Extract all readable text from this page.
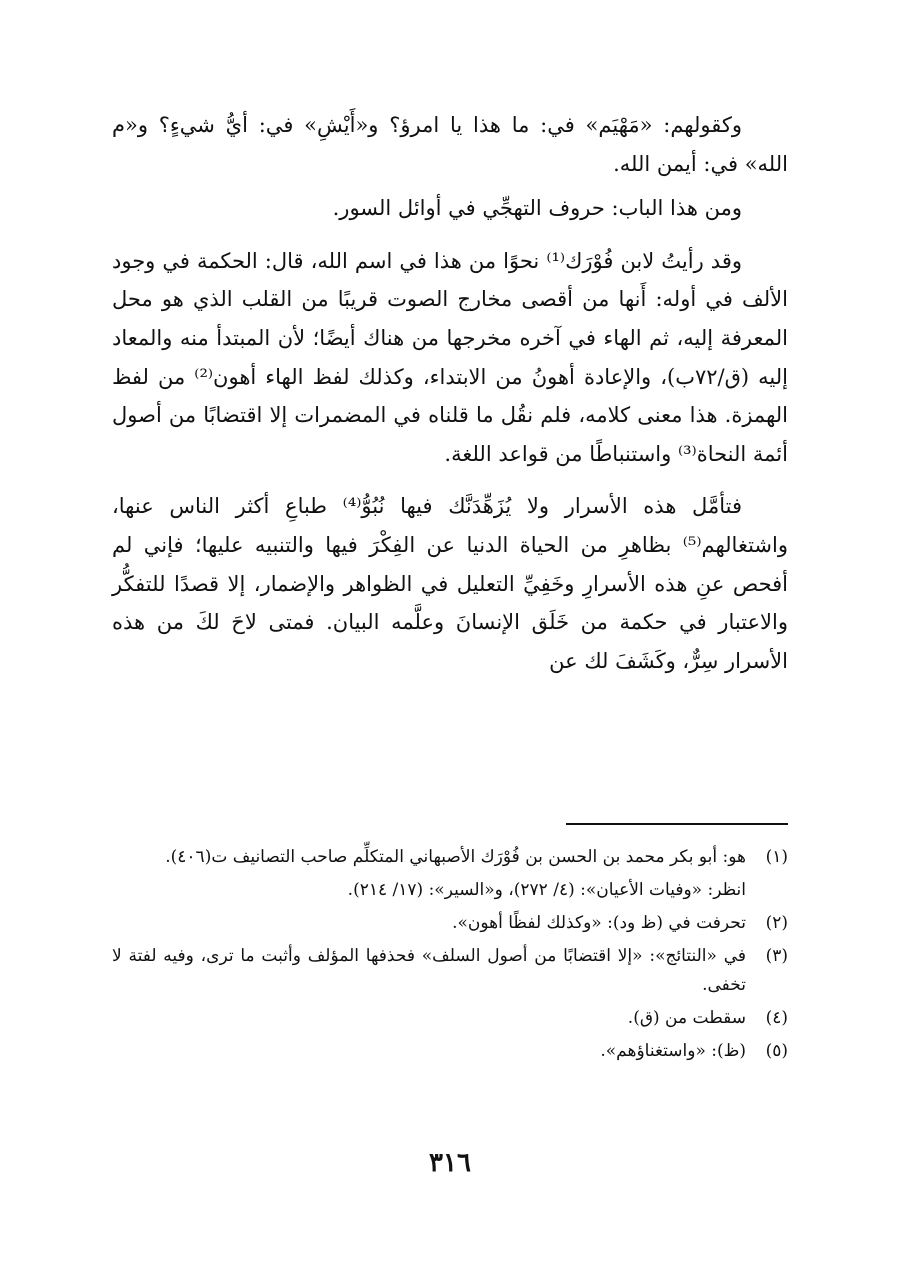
وكقولهم: «مَهْيَم» في: ما هذا يا امرؤ؟ و«أَيْشِ» في: أيُّ شيءٍ؟ و«م الله» في: أيمن الله.

ومن هذا الباب: حروف التهجِّي في أوائل السور.

وقد رأيتُ لابن فُوْرَك⁽¹⁾ نحوًا من هذا في اسم الله، قال: الحكمة في وجود الألف في أوله: أَنها من أقصى مخارج الصوت قريبًا من القلب الذي هو محل المعرفة إليه، ثم الهاء في آخره مخرجها من هناك أيضًا؛ لأن المبتدأ منه والمعاد إليه (ق/٧٢ب)، والإعادة أهونُ من الابتداء، وكذلك لفظ الهاء أهون⁽²⁾ من لفظ الهمزة. هذا معنى كلامه، فلم نقُل ما قلناه في المضمرات إلا اقتضابًا من أصول أئمة النحاة⁽³⁾ واستنباطًا من قواعد اللغة.

فتأمَّل هذه الأسرار ولا يُزَهِّدَنَّك فيها نُبُوُّ⁽⁴⁾ طباعِ أكثر الناس عنها، واشتغالهم⁽⁵⁾ بظاهرِ من الحياة الدنيا عن الفِكْرَ فيها والتنبيه عليها؛ فإني لم أفحص عنِ هذه الأسرارِ وخَفِيِّ التعليل في الظواهر والإضمار، إلا قصدًا للتفكُّر والاعتبار في حكمة من خَلَق الإنسانَ وعلَّمه البيان. فمتى لاحَ لكَ من هذه الأسرار سِرٌّ، وكَشَفَ لك عن

(١)
هو: أبو بكر محمد بن الحسن بن فُوْرَك الأصبهاني المتكلِّم صاحب التصانيف ت(٤٠٦).
انظر: «وفيات الأعيان»: (٤/ ٢٧٢)، و«السير»: (١٧/ ٢١٤).
(٢)
تحرفت في (ظ ود): «وكذلك لفظًا أهون».
(٣)
في «النتائج»: «إلا اقتضابًا من أصول السلف» فحذفها المؤلف وأثبت ما ترى، وفيه لفتة لا تخفى.
(٤)
سقطت من (ق).
(٥)
(ظ): «واستغناؤهم».
٣١٦
